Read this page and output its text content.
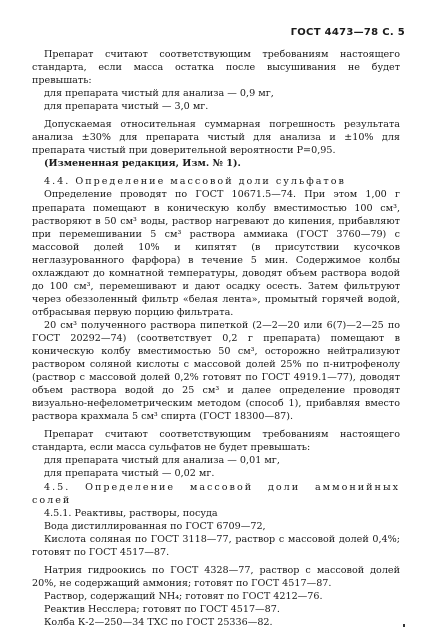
ГОСТ 4473—78 С. 5

Препарат считают соответствующим требованиям настоящего стандарта, если масса остатка после высушивания не будет превышать:

для препарата чистый для анализа — 0,9 мг,

для препарата чистый — 3,0 мг.

Допускаемая относительная суммарная погрешность результата анализа ±30% для препарата чистый для анализа и ±10% для препарата чистый при доверительной вероятности Р=0,95.

(Измененная редакция, Изм. № 1).

4.4. Определение массовой доли сульфатов

Определение проводят по ГОСТ 10671.5—74. При этом 1,00 г препарата помещают в коническую колбу вместимостью 100 см³, растворяют в 50 см³ воды, раствор нагревают до кипения, прибавляют при перемешивании 5 см³ раствора аммиака (ГОСТ 3760—79) с массовой долей 10% и кипятят (в присутствии кусочков неглазурованного фарфора) в течение 5 мин. Содержимое колбы охлаждают до комнатной температуры, доводят объем раствора водой до 100 см³, перемешивают и дают осадку осесть. Затем фильтруют через обеззоленный фильтр «белая лента», промытый горячей водой, отбрасывая первую порцию фильтрата.

20 см³ полученного раствора пипеткой (2—2—20 или 6(7)—2—25 по ГОСТ 20292—74) (соответствует 0,2 г препарата) помещают в коническую колбу вместимостью 50 см³, осторожно нейтрализуют раствором соляной кислоты с массовой долей 25% по п-нитрофенолу (раствор с массовой долей 0,2% готовят по ГОСТ 4919.1—77), доводят объем раствора водой до 25 см³ и далее определение проводят визуально-нефелометрическим методом (способ 1), прибавляя вместо раствора крахмала 5 см³ спирта (ГОСТ 18300—87).

Препарат считают соответствующим требованиям настоящего стандарта, если масса сульфатов не будет превышать:

для препарата чистый для анализа — 0,01 мг,

для препарата чистый — 0,02 мг.

4.5. Определение массовой доли аммонийных солей

4.5.1. Реактивы, растворы, посуда

Вода дистиллированная по ГОСТ 6709—72,

Кислота соляная по ГОСТ 3118—77, раствор с массовой долей 0,4%; готовят по ГОСТ 4517—87.

Натрия гидроокись по ГОСТ 4328—77, раствор с массовой долей 20%, не содержащий аммония; готовят по ГОСТ 4517—87.

Раствор, содержащий NH₄; готовят по ГОСТ 4212—76.

Реактив Несслера; готовят по ГОСТ 4517—87.

Колба К-2—250—34 ТХС по ГОСТ 25336—82.
